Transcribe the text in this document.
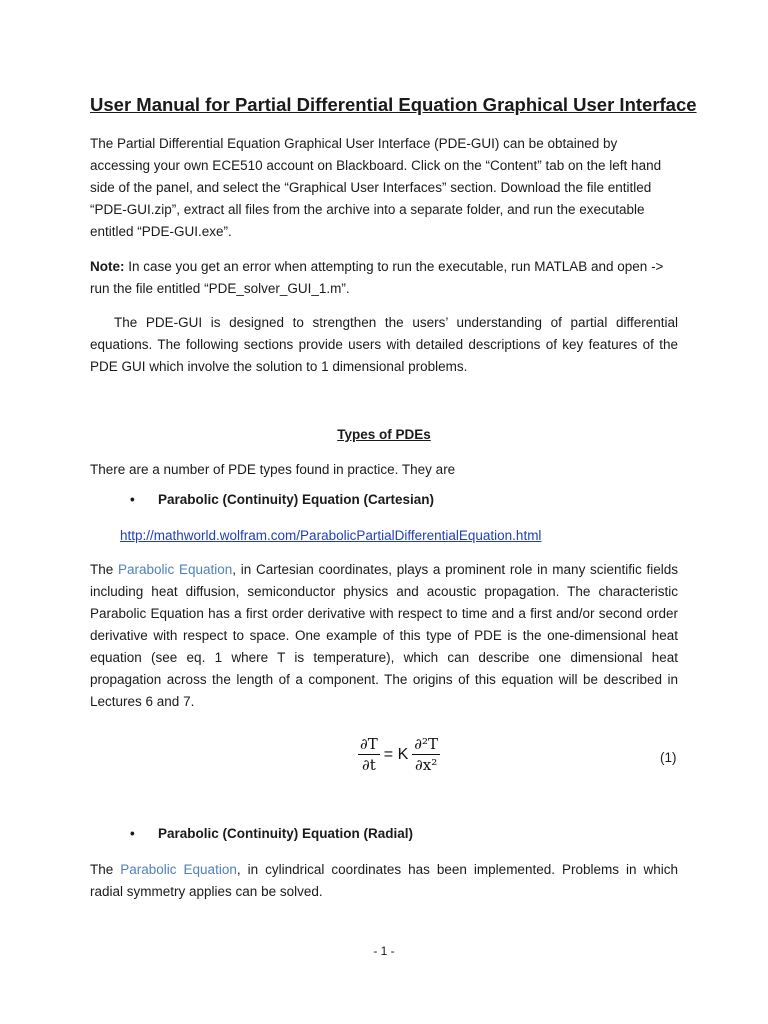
User Manual for Partial Differential Equation Graphical User Interface

The Partial Differential Equation Graphical User Interface (PDE-GUI) can be obtained by accessing your own ECE510 account on Blackboard. Click on the “Content” tab on the left hand side of the panel, and select the “Graphical User Interfaces” section. Download the file entitled “PDE-GUI.zip”, extract all files from the archive into a separate folder, and run the executable entitled “PDE-GUI.exe”.

Note: In case you get an error when attempting to run the executable, run MATLAB and open -> run the file entitled “PDE_solver_GUI_1.m”.

The PDE-GUI is designed to strengthen the users’ understanding of partial differential equations. The following sections provide users with detailed descriptions of key features of the PDE GUI which involve the solution to 1 dimensional problems.

Types of PDEs

There are a number of PDE types found in practice. They are

• Parabolic (Continuity) Equation (Cartesian)
http://mathworld.wolfram.com/ParabolicPartialDifferentialEquation.html

The Parabolic Equation, in Cartesian coordinates, plays a prominent role in many scientific fields including heat diffusion, semiconductor physics and acoustic propagation. The characteristic Parabolic Equation has a first order derivative with respect to time and a first and/or second order derivative with respect to space. One example of this type of PDE is the one-dimensional heat equation (see eq. 1 where T is temperature), which can describe one dimensional heat propagation across the length of a component. The origins of this equation will be described in Lectures 6 and 7.

$\frac{\partial T}{\partial t} = K \frac{\text{∂²T}}{\text{∂x²}}$	(1)
• Parabolic (Continuity) Equation (Radial)

The Parabolic Equation, in cylindrical coordinates has been implemented. Problems in which radial symmetry applies can be solved.

- 1 -
